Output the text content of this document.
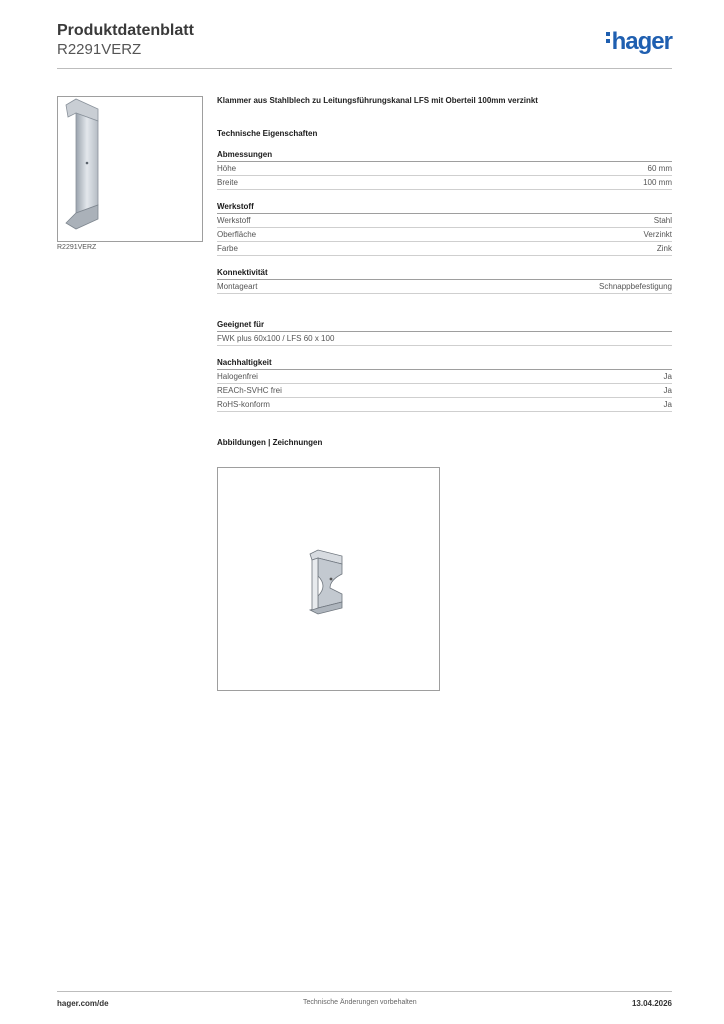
Produktdatenblatt
R2291VERZ	hager
R2291VERZ
Klammer aus Stahlblech zu Leitungsführungskanal LFS mit Oberteil 100mm verzinkt
Technische Eigenschaften
Abmessungen
Höhe	60 mm
Breite	100 mm
Werkstoff
Werkstoff	Stahl
Oberfläche	Verzinkt
Farbe	Zink
Konnektivität
Montageart	Schnappbefestigung
Geeignet für
FWK plus 60x100 / LFS 60 x 100
Nachhaltigkeit
Halogenfrei	Ja
REACh-SVHC frei	Ja
RoHS-konform	Ja
Abbildungen | Zeichnungen
hager.com/de	Technische Änderungen vorbehalten	13.04.2026
